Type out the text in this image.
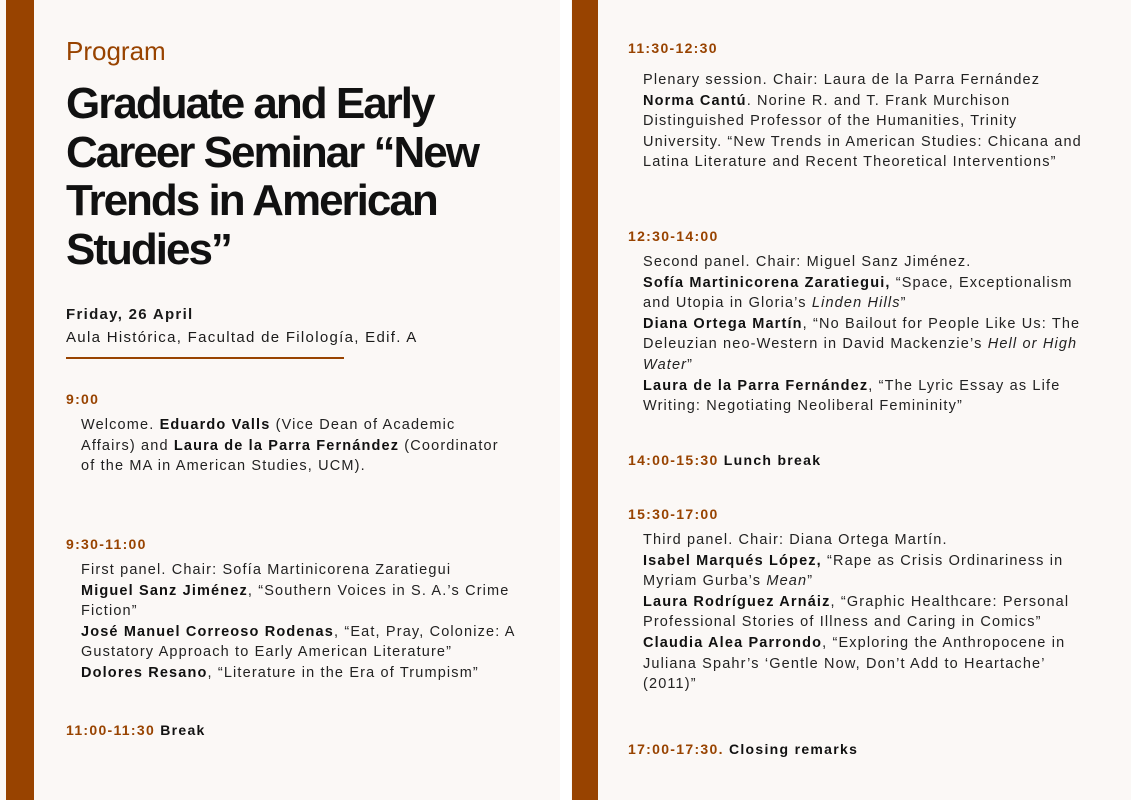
Program
Graduate and Early Career Seminar “New Trends in American Studies”
Friday, 26 April
Aula Histórica, Facultad de Filología, Edif. A
9:00
Welcome. Eduardo Valls (Vice Dean of Academic Affairs) and Laura de la Parra Fernández (Coordinator of the MA in American Studies, UCM).
9:30-11:00
First panel. Chair: Sofía Martinicorena Zaratiegui
Miguel Sanz Jiménez, “Southern Voices in S. A.’s Crime Fiction”
José Manuel Correoso Rodenas, “Eat, Pray, Colonize: A Gustatory Approach to Early American Literature”
Dolores Resano, “Literature in the Era of Trumpism”
11:00-11:30 Break
11:30-12:30
Plenary session. Chair: Laura de la Parra Fernández
Norma Cantú. Norine R. and T. Frank Murchison Distinguished Professor of the Humanities, Trinity University. “New Trends in American Studies: Chicana and Latina Literature and Recent Theoretical Interventions”
12:30-14:00
Second panel. Chair: Miguel Sanz Jiménez.
Sofía Martinicorena Zaratiegui, “Space, Exceptionalism and Utopia in Gloria’s Linden Hills”
Diana Ortega Martín, “No Bailout for People Like Us: The Deleuzian neo-Western in David Mackenzie’s Hell or High Water”
Laura de la Parra Fernández, “The Lyric Essay as Life Writing: Negotiating Neoliberal Femininity”
14:00-15:30 Lunch break
15:30-17:00
Third panel. Chair: Diana Ortega Martín.
Isabel Marqués López, “Rape as Crisis Ordinariness in Myriam Gurba’s Mean”
Laura Rodríguez Arnáiz, “Graphic Healthcare: Personal Professional Stories of Illness and Caring in Comics”
Claudia Alea Parrondo, “Exploring the Anthropocene in Juliana Spahr’s ‘Gentle Now, Don’t Add to Heartache’ (2011)”
17:00-17:30. Closing remarks
